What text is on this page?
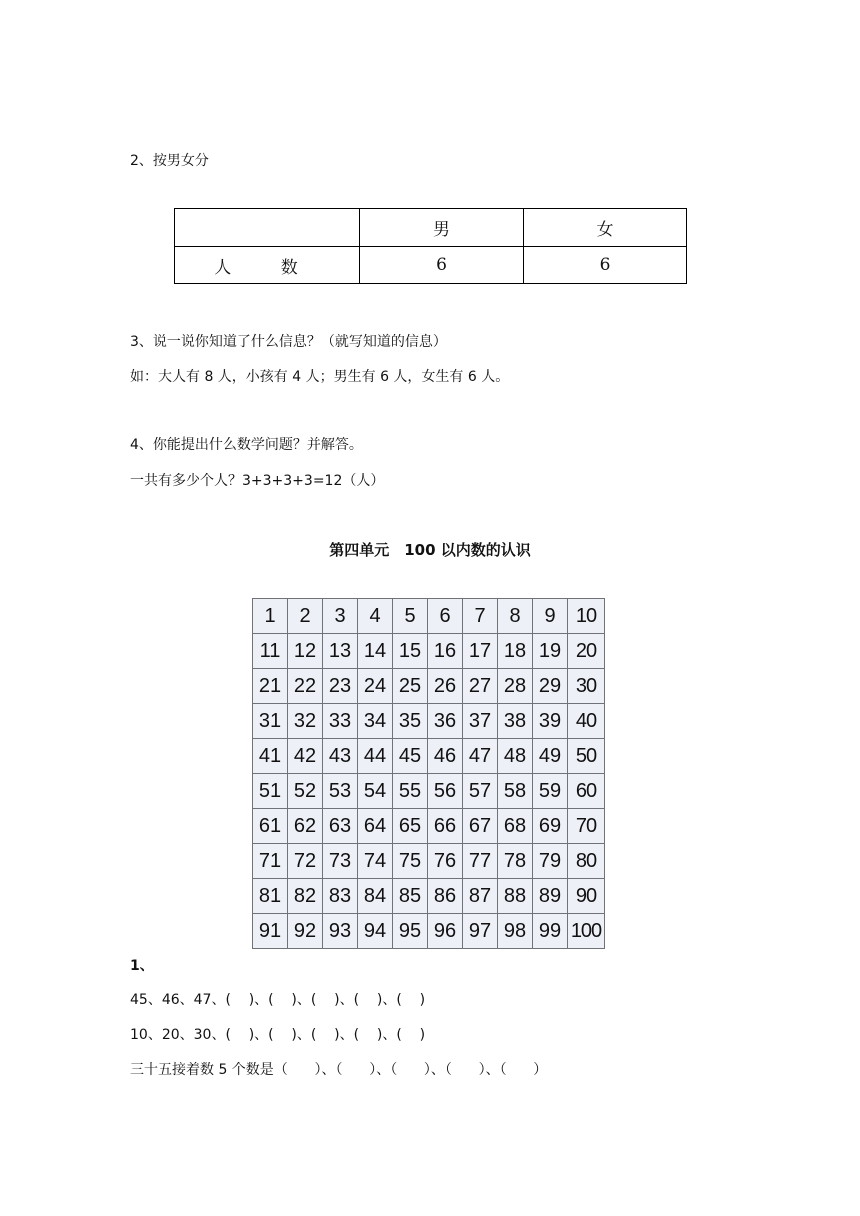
2、按男女分
	男	女
人 数	6	6
3、说一说你知道了什么信息？（就写知道的信息）
如：大人有 8 人，小孩有 4 人；男生有 6 人，女生有 6 人。
4、你能提出什么数学问题？并解答。
一共有多少个人？3+3+3+3=12（人）
第四单元　100 以内数的认识
1	2	3	4	5	6	7	8	9	10
11	12	13	14	15	16	17	18	19	20
21	22	23	24	25	26	27	28	29	30
31	32	33	34	35	36	37	38	39	40
41	42	43	44	45	46	47	48	49	50
51	52	53	54	55	56	57	58	59	60
61	62	63	64	65	66	67	68	69	70
71	72	73	74	75	76	77	78	79	80
81	82	83	84	85	86	87	88	89	90
91	92	93	94	95	96	97	98	99	100
1、
45、46、47、(    )、(    )、(    )、(    )、(    )
10、20、30、(    )、(    )、(    )、(    )、(    )
三十五接着数 5 个数是（      ）、（      ）、（      ）、（      ）、（      ）
